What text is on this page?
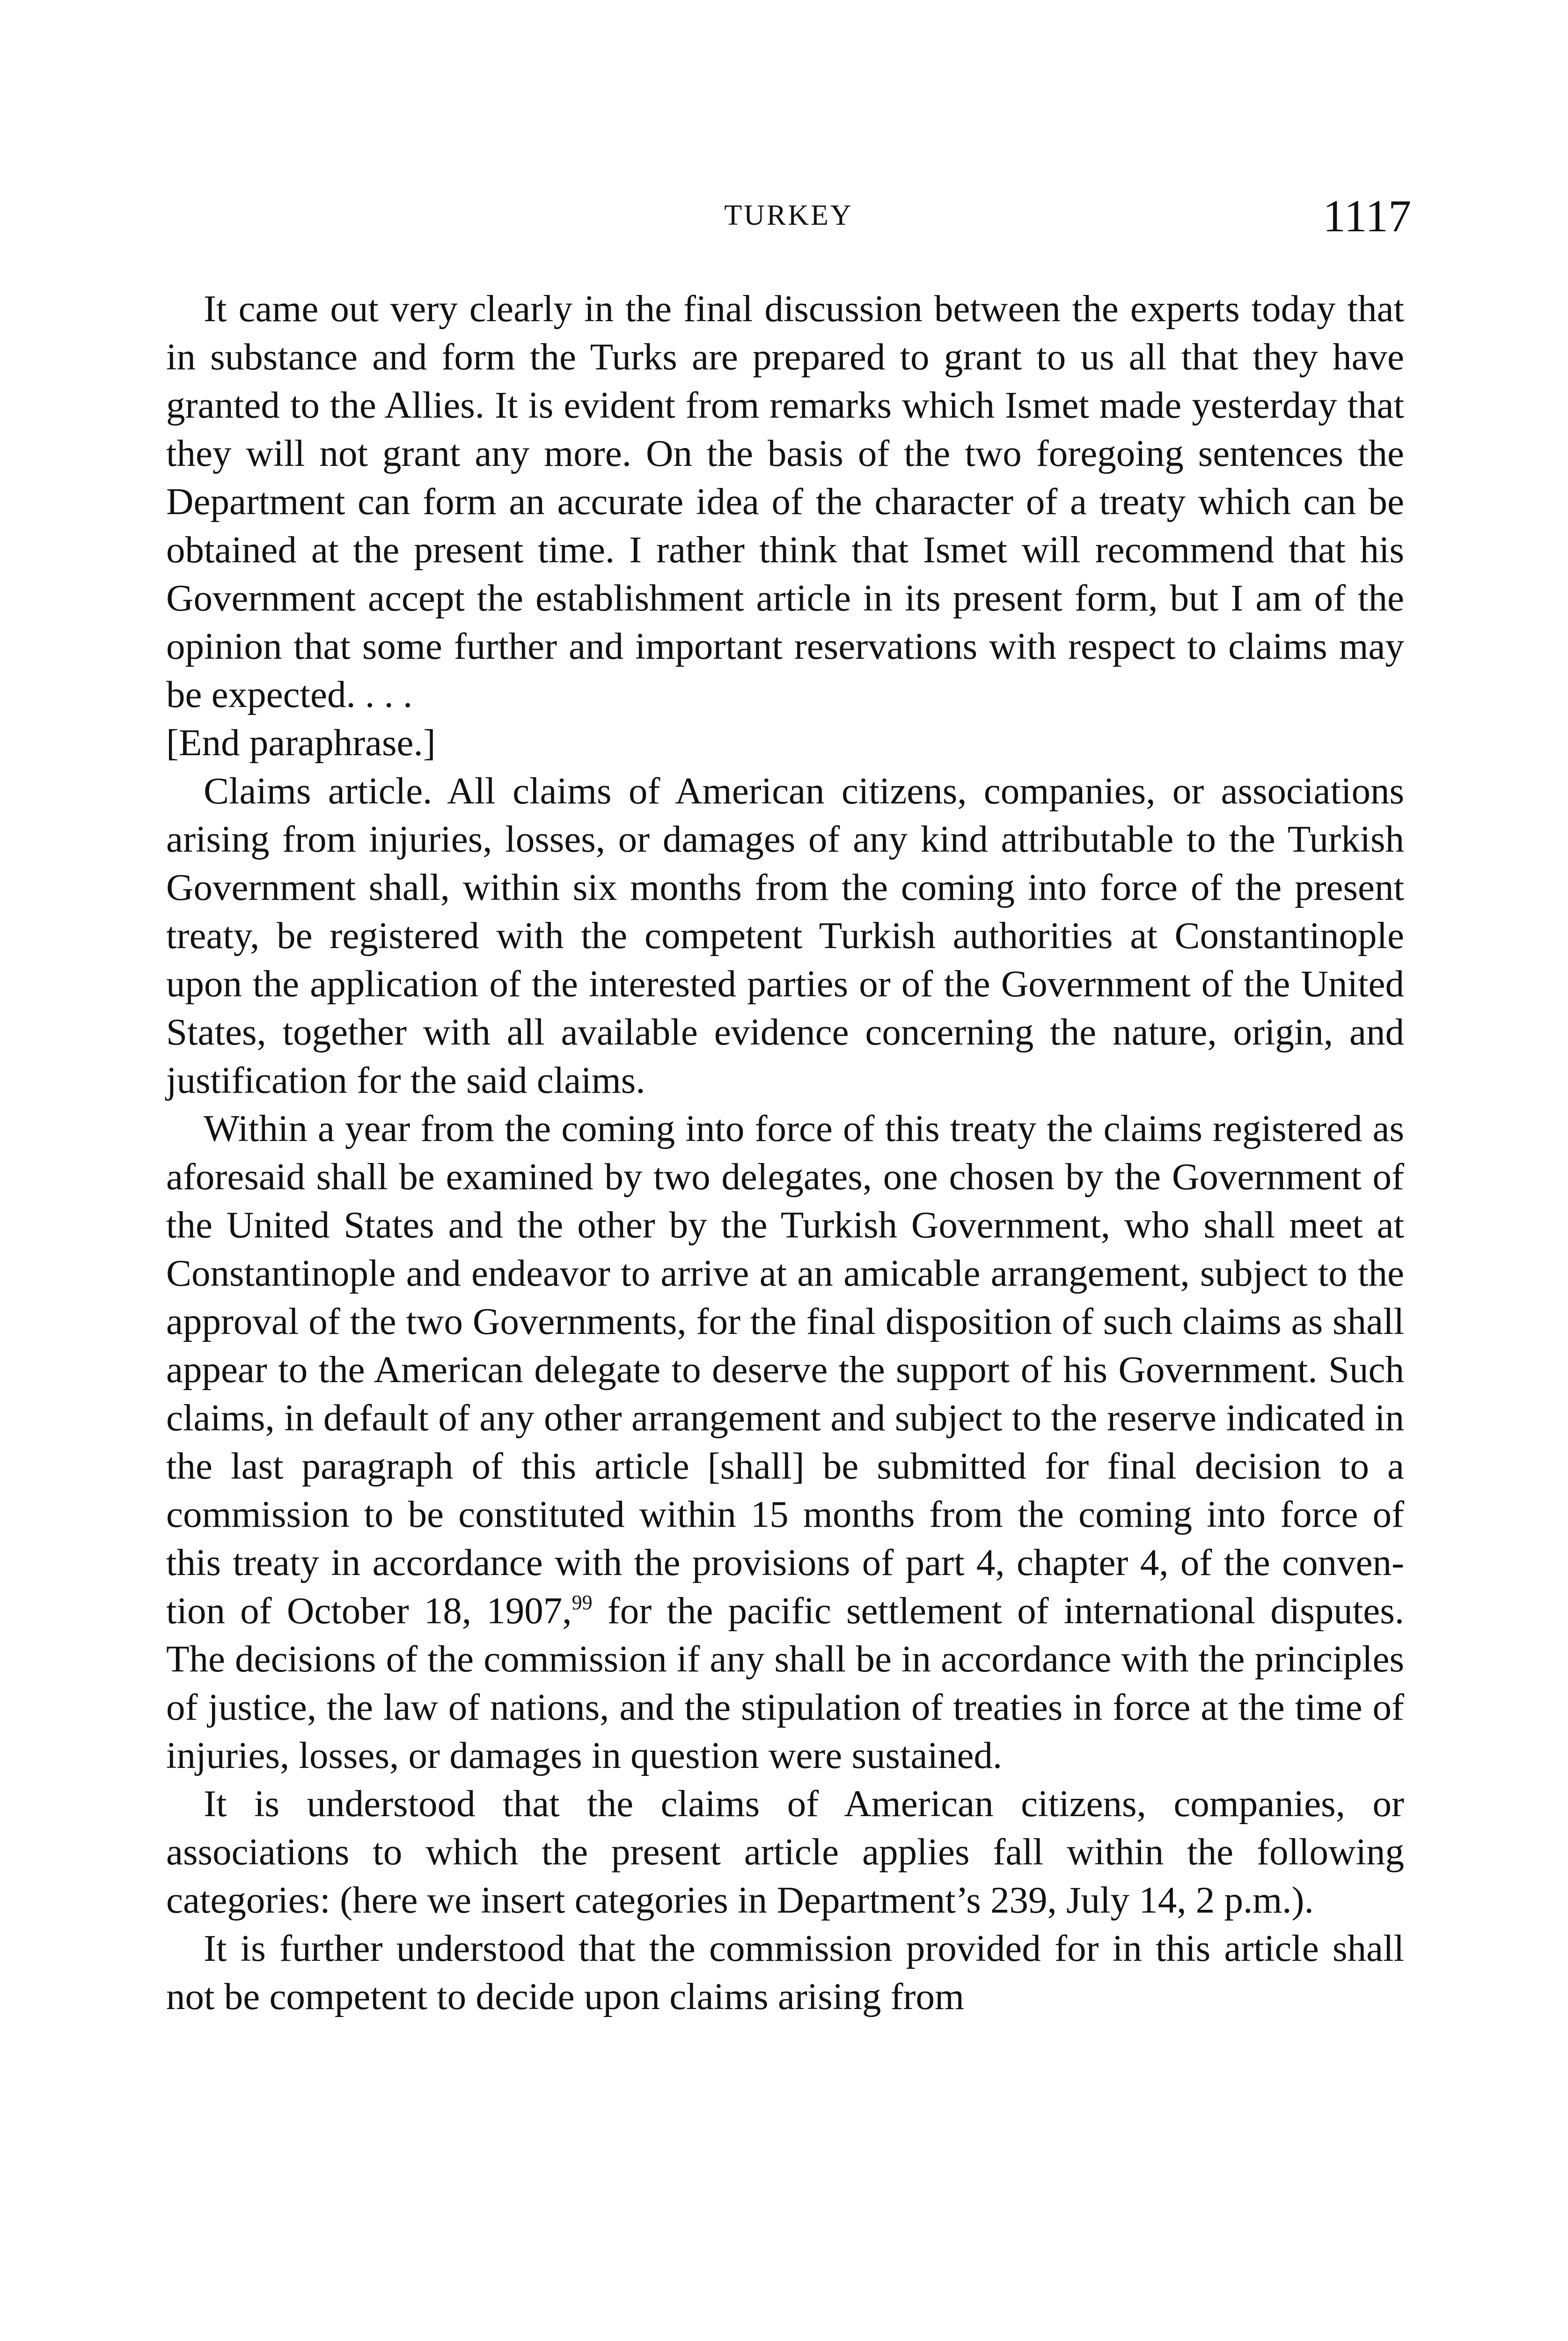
TURKEY	1117

It came out very clearly in the final discussion between the experts today that in substance and form the Turks are prepared to grant to us all that they have granted to the Allies. It is evident from remarks which Ismet made yesterday that they will not grant any more. On the basis of the two foregoing sentences the Department can form an accurate idea of the character of a treaty which can be obtained at the present time. I rather think that Ismet will recommend that his Government accept the establishment article in its present form, but I am of the opinion that some further and important reservations with respect to claims may be expected. . . .

[End paraphrase.]

Claims article. All claims of American citizens, companies, or associations arising from injuries, losses, or damages of any kind attributable to the Turkish Government shall, within six months from the coming into force of the present treaty, be registered with the competent Turkish authorities at Constantinople upon the application of the interested parties or of the Government of the United States, together with all available evidence concerning the nature, origin, and justification for the said claims.

Within a year from the coming into force of this treaty the claims registered as aforesaid shall be examined by two delegates, one chosen by the Government of the United States and the other by the Turkish Government, who shall meet at Constantinople and endeavor to arrive at an amicable arrangement, subject to the approval of the two Governments, for the final disposition of such claims as shall appear to the American delegate to deserve the support of his Government. Such claims, in default of any other arrangement and subject to the reserve indicated in the last paragraph of this article [shall] be submitted for final decision to a commission to be constituted within 15 months from the coming into force of this treaty in accordance with the provisions of part 4, chapter 4, of the convention of October 18, 1907,99 for the pacific settlement of international disputes. The decisions of the commission if any shall be in accordance with the principles of justice, the law of nations, and the stipulation of treaties in force at the time of injuries, losses, or damages in question were sustained.

It is understood that the claims of American citizens, companies, or associations to which the present article applies fall within the following categories: (here we insert categories in Department’s 239, July 14, 2 p.m.).

It is further understood that the commission provided for in this article shall not be competent to decide upon claims arising from
